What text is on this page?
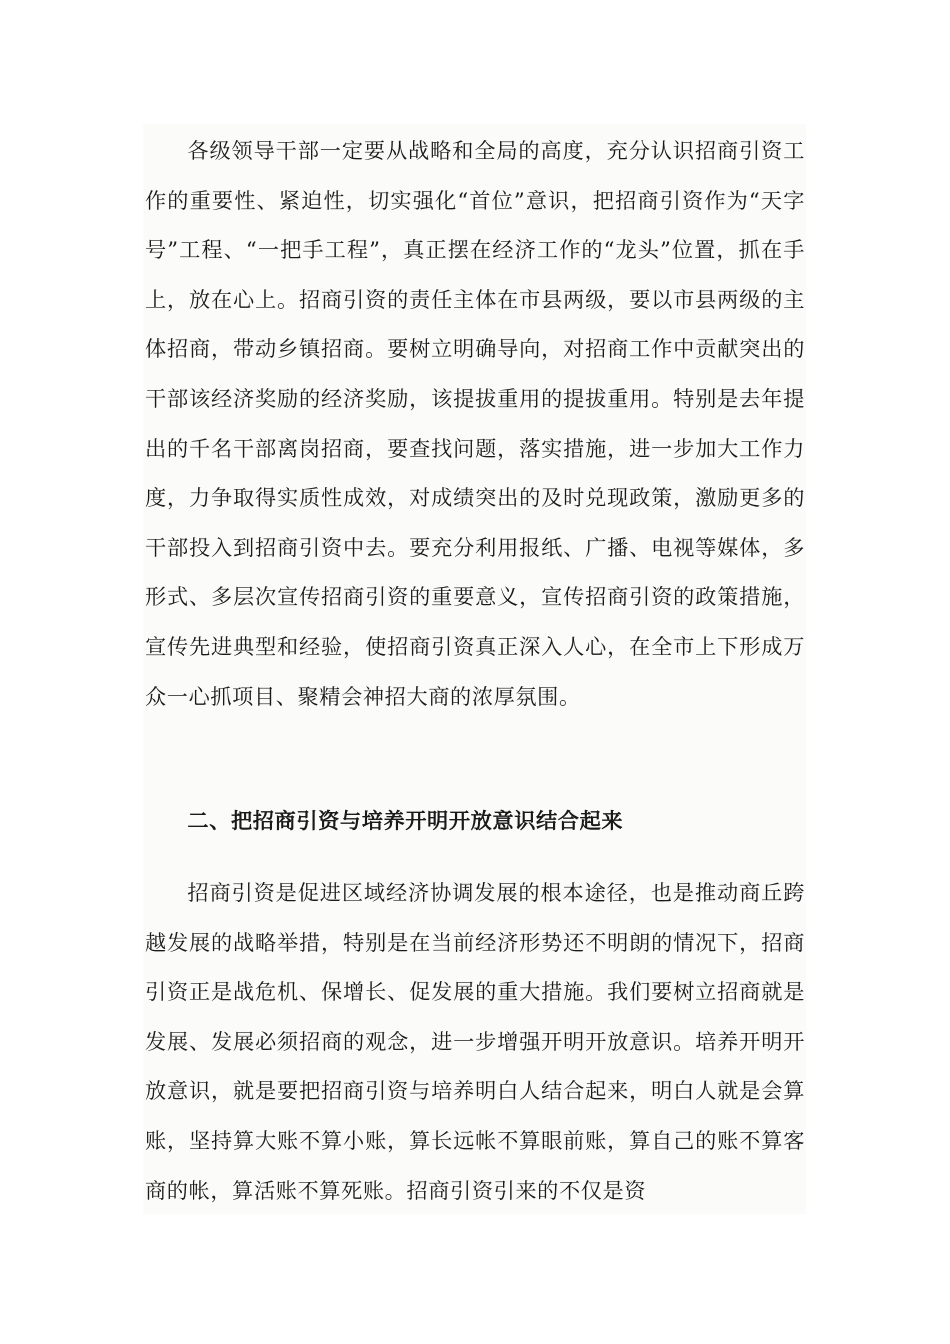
各级领导干部一定要从战略和全局的高度，充分认识招商引资工作的重要性、紧迫性，切实强化“首位”意识，把招商引资作为“天字号”工程、“一把手工程”，真正摆在经济工作的“龙头”位置，抓在手上，放在心上。招商引资的责任主体在市县两级，要以市县两级的主体招商，带动乡镇招商。要树立明确导向，对招商工作中贡献突出的干部该经济奖励的经济奖励，该提拔重用的提拔重用。特别是去年提出的千名干部离岗招商，要查找问题，落实措施，进一步加大工作力度，力争取得实质性成效，对成绩突出的及时兑现政策，激励更多的干部投入到招商引资中去。要充分利用报纸、广播、电视等媒体，多形式、多层次宣传招商引资的重要意义，宣传招商引资的政策措施，宣传先进典型和经验，使招商引资真正深入人心，在全市上下形成万众一心抓项目、聚精会神招大商的浓厚氛围。

二、把招商引资与培养开明开放意识结合起来

招商引资是促进区域经济协调发展的根本途径，也是推动商丘跨越发展的战略举措，特别是在当前经济形势还不明朗的情况下，招商引资正是战危机、保增长、促发展的重大措施。我们要树立招商就是发展、发展必须招商的观念，进一步增强开明开放意识。培养开明开放意识，就是要把招商引资与培养明白人结合起来，明白人就是会算账，坚持算大账不算小账，算长远帐不算眼前账，算自己的账不算客商的帐，算活账不算死账。招商引资引来的不仅是资
